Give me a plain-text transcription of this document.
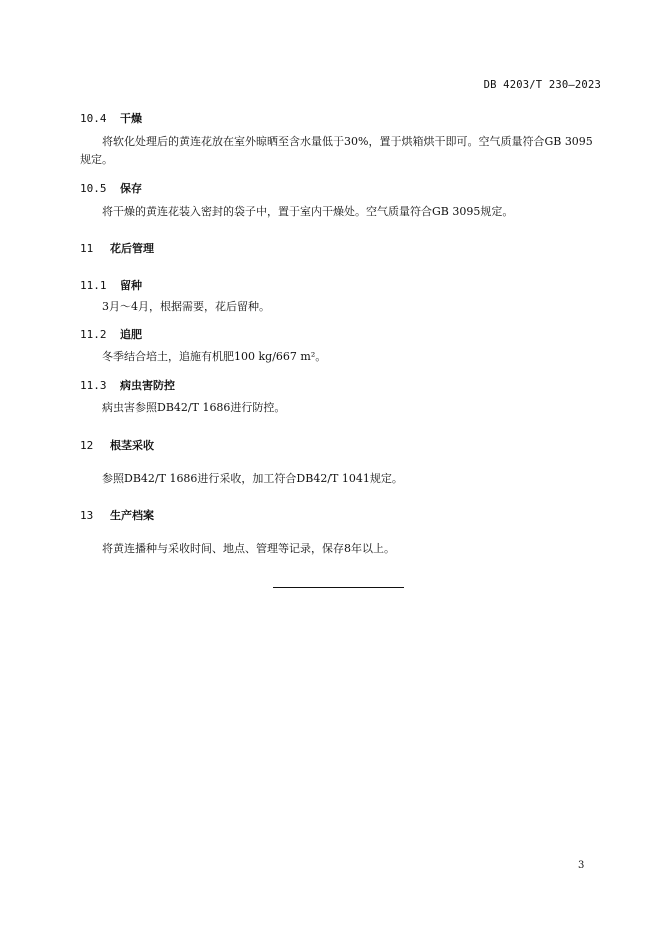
DB 4203/T 230—2023
10.4 干燥
将软化处理后的黄连花放在室外晾晒至含水量低于30%，置于烘箱烘干即可。空气质量符合GB 3095规定。
10.5 保存
将干燥的黄连花装入密封的袋子中，置于室内干燥处。空气质量符合GB 3095规定。
11 花后管理
11.1 留种
3月～4月，根据需要，花后留种。
11.2 追肥
冬季结合培土，追施有机肥100 kg/667 m²。
11.3 病虫害防控
病虫害参照DB42/T 1686进行防控。
12 根茎采收
参照DB42/T 1686进行采收，加工符合DB42/T 1041规定。
13 生产档案
将黄连播种与采收时间、地点、管理等记录，保存8年以上。
3
